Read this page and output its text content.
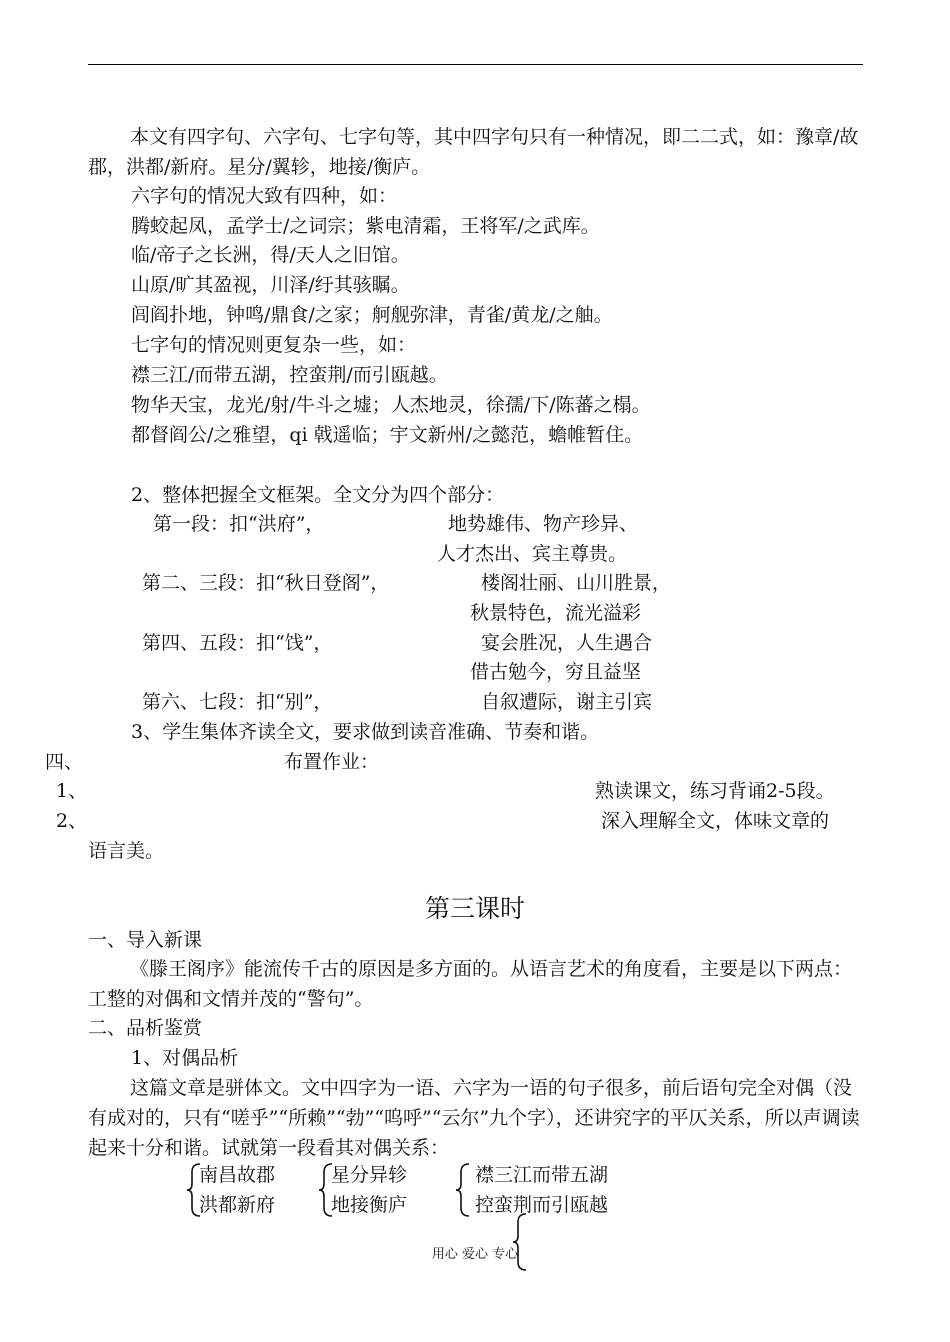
本文有四字句、六字句、七字句等，其中四字句只有一种情况，即二二式，如：豫章/故郡，洪都/新府。星分/翼轸，地接/衡庐。
六字句的情况大致有四种，如：
腾蛟起凤，孟学士/之词宗；紫电清霜，王将军/之武库。
临/帝子之长洲，得/天人之旧馆。
山原/旷其盈视，川泽/纡其骇瞩。
闾阎扑地，钟鸣/鼎食/之家；舸舰弥津，青雀/黄龙/之舳。
七字句的情况则更复杂一些，如：
襟三江/而带五湖，控蛮荆/而引瓯越。
物华天宝，龙光/射/牛斗之墟；人杰地灵，徐孺/下/陈蕃之榻。
都督阎公/之雅望，qi 戟遥临；宇文新州/之懿范，蟾帷暂住。
2、整体把握全文框架。全文分为四个部分：
第一段：扣“洪府”，	地势雄伟、物产珍异、
人才杰出、宾主尊贵。
第二、三段：扣“秋日登阁”，	楼阁壮丽、山川胜景，
秋景特色，流光溢彩
第四、五段：扣“饯”，	宴会胜况，人生遇合
借古勉今，穷且益坚
第六、七段：扣“别”，	自叙遭际，谢主引宾
3、学生集体齐读全文，要求做到读音准确、节奏和谐。
四、	布置作业：
1、	熟读课文，练习背诵2-5段。
2、	深入理解全文，体味文章的
语言美。
第三课时
一、导入新课
《滕王阁序》能流传千古的原因是多方面的。从语言艺术的角度看，主要是以下两点：工整的对偶和文情并茂的“警句”。
二、品析鉴赏
1、对偶品析
这篇文章是骈体文。文中四字为一语、六字为一语的句子很多，前后语句完全对偶（没有成对的，只有“嗟乎”“所赖”“勃”“呜呼”“云尔”九个字），还讲究字的平仄关系，所以声调读起来十分和谐。试就第一段看其对偶关系：
南昌故郡
洪都新府
星分异轸
地接衡庐
襟三江而带五湖
控蛮荆而引瓯越
用心 爱心 专心
